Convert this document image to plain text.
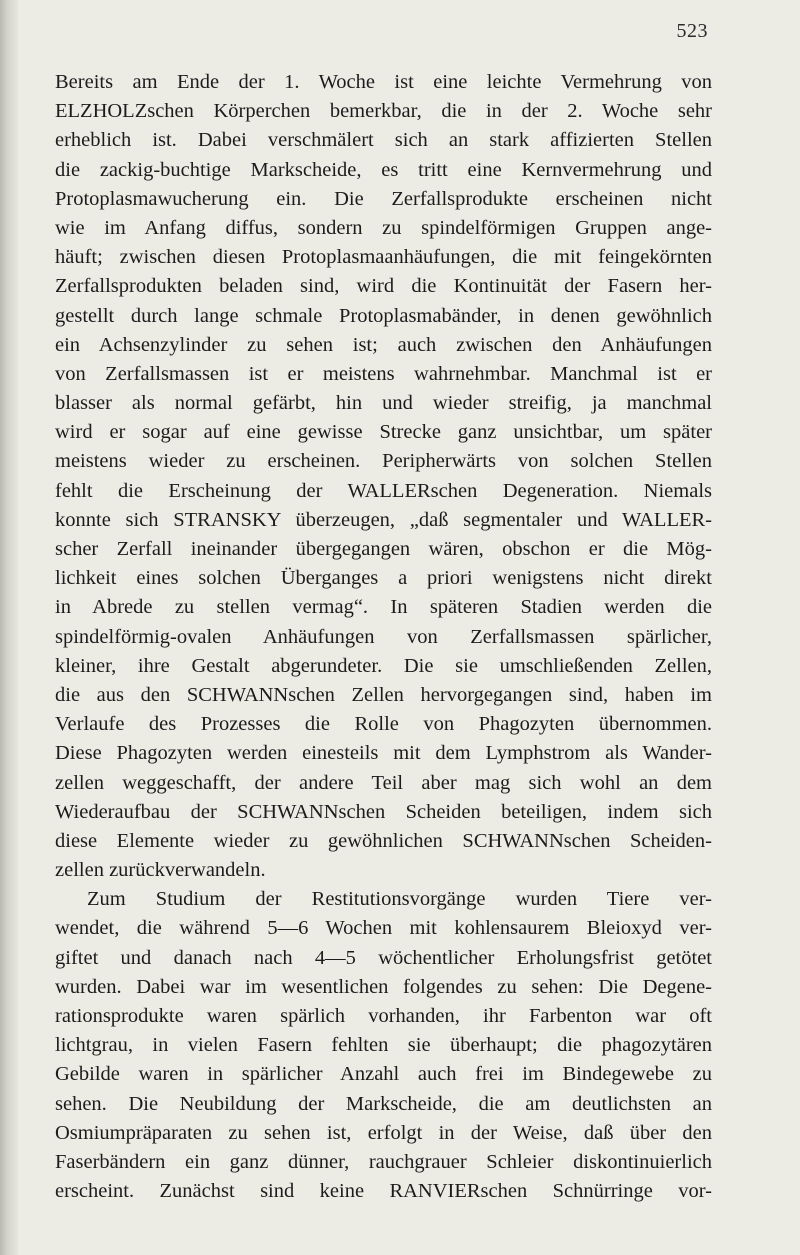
523
Bereits am Ende der 1. Woche ist eine leichte Vermehrung von
ELZHOLZschen Körperchen bemerkbar, die in der 2. Woche sehr
erheblich ist. Dabei verschmälert sich an stark affizierten Stellen
die zackig-buchtige Markscheide, es tritt eine Kernvermehrung und
Protoplasmawucherung ein. Die Zerfallsprodukte erscheinen nicht
wie im Anfang diffus, sondern zu spindelförmigen Gruppen ange-
häuft; zwischen diesen Protoplasmaanhäufungen, die mit feingekörnten
Zerfallsprodukten beladen sind, wird die Kontinuität der Fasern her-
gestellt durch lange schmale Protoplasmabänder, in denen gewöhnlich
ein Achsenzylinder zu sehen ist; auch zwischen den Anhäufungen
von Zerfallsmassen ist er meistens wahrnehmbar. Manchmal ist er
blasser als normal gefärbt, hin und wieder streifig, ja manchmal
wird er sogar auf eine gewisse Strecke ganz unsichtbar, um später
meistens wieder zu erscheinen. Peripherwärts von solchen Stellen
fehlt die Erscheinung der WALLERschen Degeneration. Niemals
konnte sich STRANSKY überzeugen, „daß segmentaler und WALLER-
scher Zerfall ineinander übergegangen wären, obschon er die Mög-
lichkeit eines solchen Überganges a priori wenigstens nicht direkt
in Abrede zu stellen vermag“. In späteren Stadien werden die
spindelförmig-ovalen Anhäufungen von Zerfallsmassen spärlicher,
kleiner, ihre Gestalt abgerundeter. Die sie umschließenden Zellen,
die aus den SCHWANNschen Zellen hervorgegangen sind, haben im
Verlaufe des Prozesses die Rolle von Phagozyten übernommen.
Diese Phagozyten werden einesteils mit dem Lymphstrom als Wander-
zellen weggeschafft, der andere Teil aber mag sich wohl an dem
Wiederaufbau der SCHWANNschen Scheiden beteiligen, indem sich
diese Elemente wieder zu gewöhnlichen SCHWANNschen Scheiden-
zellen zurückverwandeln.
Zum Studium der Restitutionsvorgänge wurden Tiere ver-
wendet, die während 5—6 Wochen mit kohlensaurem Bleioxyd ver-
giftet und danach nach 4—5 wöchentlicher Erholungsfrist getötet
wurden. Dabei war im wesentlichen folgendes zu sehen: Die Degene-
rationsprodukte waren spärlich vorhanden, ihr Farbenton war oft
lichtgrau, in vielen Fasern fehlten sie überhaupt; die phagozytären
Gebilde waren in spärlicher Anzahl auch frei im Bindegewebe zu
sehen. Die Neubildung der Markscheide, die am deutlichsten an
Osmiumpräparaten zu sehen ist, erfolgt in der Weise, daß über den
Faserbändern ein ganz dünner, rauchgrauer Schleier diskontinuierlich
erscheint. Zunächst sind keine RANVIERschen Schnürringe vor-
